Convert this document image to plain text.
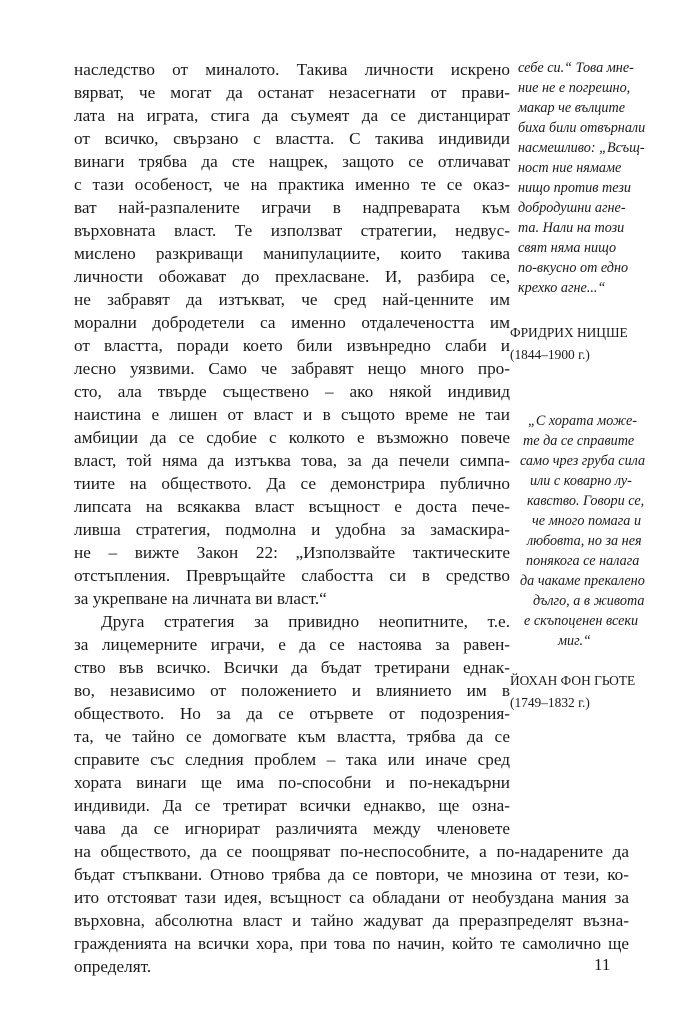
наследство от миналото. Такива личности искрено

вярват, че могат да останат незасегнати от прави-

лата на играта, стига да съумеят да се дистанцират

от всичко, свързано с властта. С такива индивиди

винаги трябва да сте нащрек, защото се отличават

с тази особеност, че на практика именно те се оказ-

ват най-разпалените играчи в надпреварата към

върховната власт. Те използват стратегии, недвус-

мислено разкриващи манипулациите, които такива

личности обожават до прехласване. И, разбира се,

не забравят да изтъкват, че сред най-ценните им

морални добродетели са именно отдалечеността им

от властта, поради което били извънредно слаби и

лесно уязвими. Само че забравят нещо много про-

сто, ала твърде съществено – ако някой индивид

наистина е лишен от власт и в същото време не таи

амбиции да се сдобие с колкото е възможно повече

власт, той няма да изтъква това, за да печели симпа-

тиите на обществото. Да се демонстрира публично

липсата на всякаква власт всъщност е доста пече-

ливша стратегия, подмолна и удобна за замаскира-

не – вижте Закон 22: „Използвайте тактическите

отстъпления. Превръщайте слабостта си в средство

за укрепване на личната ви власт.“

Друга стратегия за привидно неопитните, т.е.

за лицемерните играчи, е да се настоява за равен-

ство във всичко. Всички да бъдат третирани еднак-

во, независимо от положението и влиянието им в

обществото. Но за да се отървете от подозрения-

та, че тайно се домогвате към властта, трябва да се

справите със следния проблем – така или иначе сред

хората винаги ще има по-способни и по-некадърни

индивиди. Да се третират всички еднакво, ще озна-

чава да се игнорират различията между членовете

на обществото, да се поощряват по-неспособните, а по-надарените да

бъдат стъпквани. Отново трябва да се повтори, че мнозина от тези, ко-

ито отстояват тази идея, всъщност са обладани от необуздана мания за

върховна, абсолютна власт и тайно жадуват да преразпределят възна-

гражденията на всички хора, при това по начин, който те самолично ще

определят.

себе си.“ Това мне-

ние не е погрешно,

макар че вълците

биха били отвърнали

насмешливо: „Всъщ-

ност ние нямаме

нищо против тези

добродушни агне-

та. Нали на този

свят няма нищо

по-вкусно от едно

крехко агне...“

ФРИДРИХ НИЦШЕ

(1844–1900 г.)

„С хората може-

те да се справите

само чрез груба сила

или с коварно лу-

кавство. Говори се,

че много помага и

любовта, но за нея

понякога се налага

да чакаме прекалено

дълго, а в живота

е скъпоценен всеки

миг.“

ЙОХАН ФОН ГЬОТЕ

(1749–1832 г.)

11
